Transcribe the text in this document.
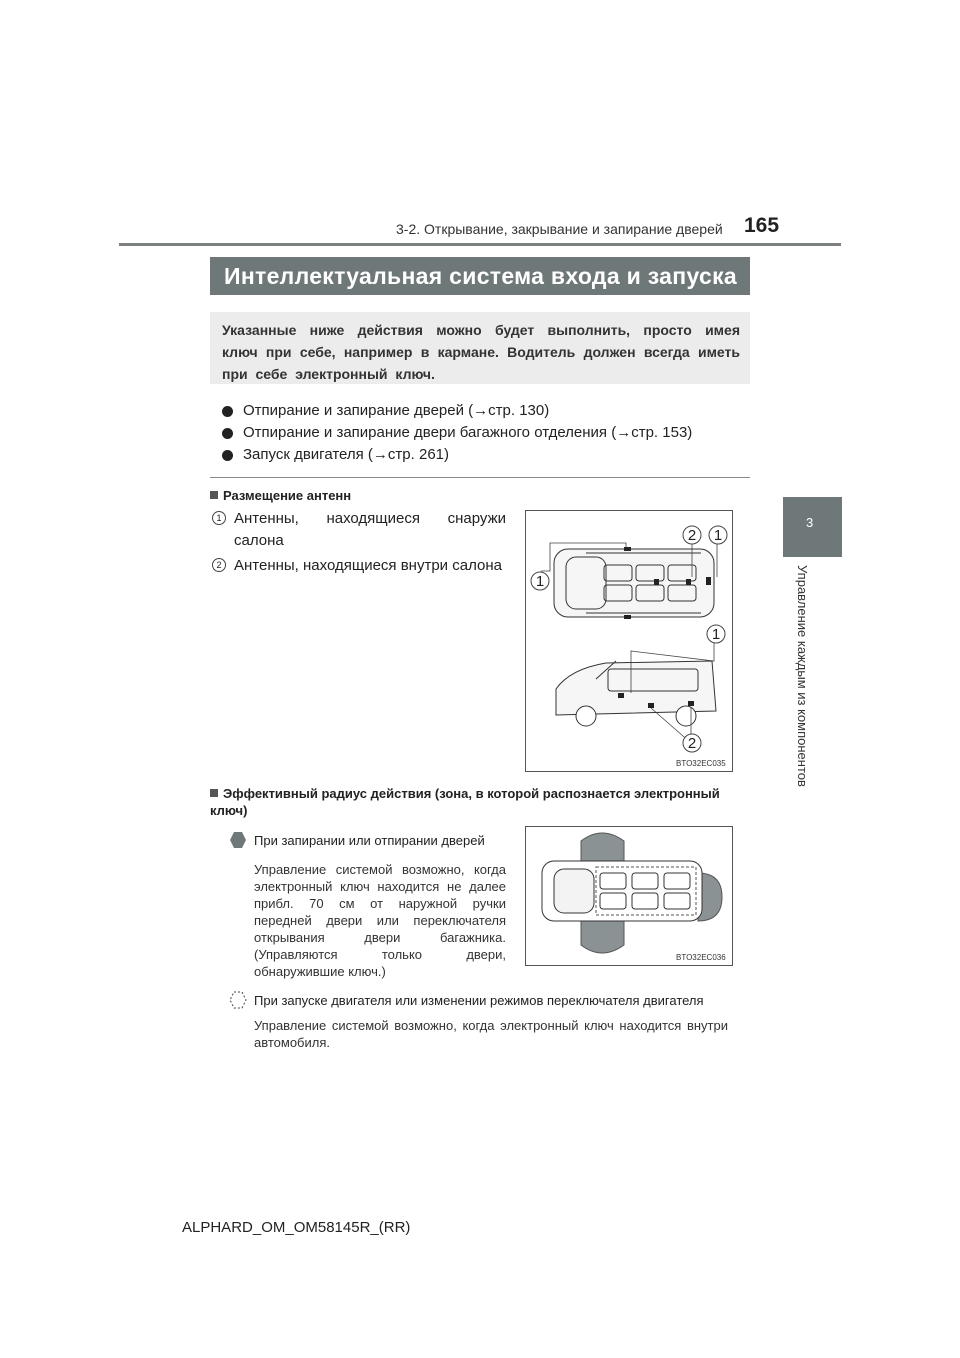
3-2. Открывание, закрывание и запирание дверей 165
Интеллектуальная система входа и запуска
Указанные ниже действия можно будет выполнить, просто имея ключ при себе, например в кармане. Водитель должен всегда иметь при себе электронный ключ.
Отпирание и запирание дверей (→стр. 130)
Отпирание и запирание двери багажного отделения (→стр. 153)
Запуск двигателя (→стр. 261)
Размещение антенн
1 Антенны, находящиеся снаружи салона
2 Антенны, находящиеся внутри салона
2 1
1
1
2
BTO32EC035
Эффективный радиус действия (зона, в которой распознается электронный ключ)
При запирании или отпирании дверей
Управление системой возможно, когда электронный ключ находится не далее прибл. 70 см от наружной ручки передней двери или переключателя открывания двери багажника. (Управляются только двери, обнаружившие ключ.)
BTO32EC036
При запуске двигателя или изменении режимов переключателя двигателя
Управление системой возможно, когда электронный ключ находится внутри автомобиля.
3
Управление каждым из компонентов
ALPHARD_OM_OM58145R_(RR)
